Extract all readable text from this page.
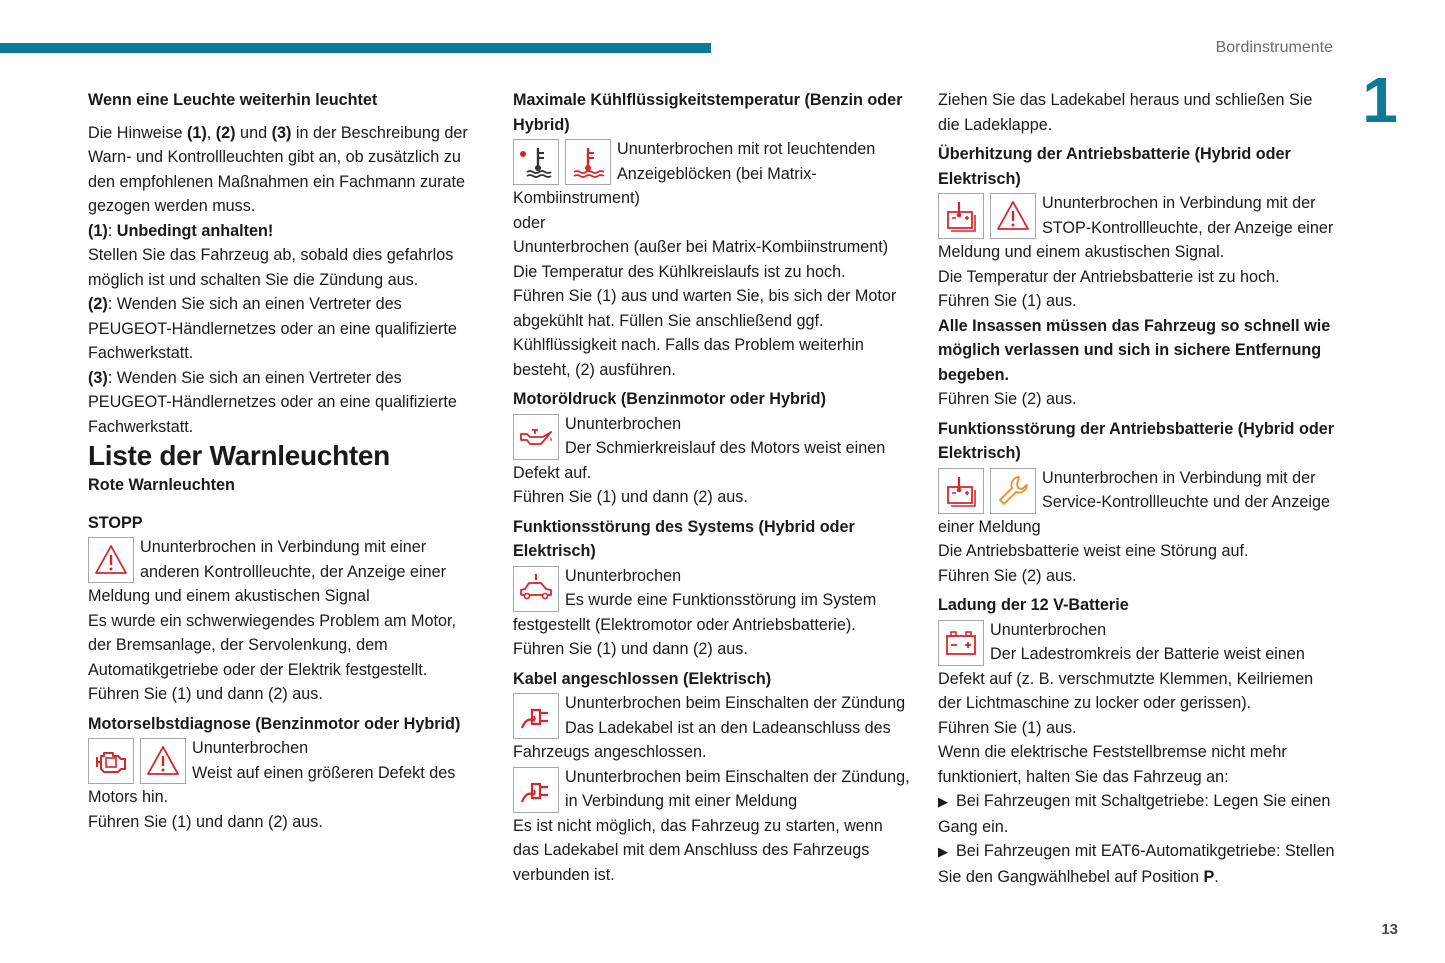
Bordinstrumente
1
13

Wenn eine Leuchte weiterhin leuchtet

Die Hinweise (1), (2) und (3) in der Beschreibung der Warn- und Kontrollleuchten gibt an, ob zusätzlich zu den empfohlenen Maßnahmen ein Fachmann zurate gezogen werden muss.

(1): Unbedingt anhalten!

Stellen Sie das Fahrzeug ab, sobald dies gefahrlos möglich ist und schalten Sie die Zündung aus.

(2): Wenden Sie sich an einen Vertreter des PEUGEOT-Händlernetzes oder an eine qualifizierte Fachwerkstatt.

(3): Wenden Sie sich an einen Vertreter des PEUGEOT-Händlernetzes oder an eine qualifizierte Fachwerkstatt.

Liste der Warnleuchten

Rote Warnleuchten

STOPP

Ununterbrochen in Verbindung mit einer anderen Kontrollleuchte, der Anzeige einer Meldung und einem akustischen Signal

Es wurde ein schwerwiegendes Problem am Motor, der Bremsanlage, der Servolenkung, dem Automatikgetriebe oder der Elektrik festgestellt.

Führen Sie (1) und dann (2) aus.

Motorselbstdiagnose (Benzinmotor oder Hybrid)

Ununterbrochen

Weist auf einen größeren Defekt des Motors hin.

Führen Sie (1) und dann (2) aus.

Maximale Kühlflüssigkeitstemperatur (Benzin oder Hybrid)

Ununterbrochen mit rot leuchtenden Anzeigeblöcken (bei Matrix-Kombiinstrument)

oder

Ununterbrochen (außer bei Matrix-Kombiinstrument)

Die Temperatur des Kühlkreislaufs ist zu hoch.

Führen Sie (1) aus und warten Sie, bis sich der Motor abgekühlt hat. Füllen Sie anschließend ggf. Kühlflüssigkeit nach. Falls das Problem weiterhin besteht, (2) ausführen.

Motoröldruck (Benzinmotor oder Hybrid)

Ununterbrochen

Der Schmierkreislauf des Motors weist einen Defekt auf.

Führen Sie (1) und dann (2) aus.

Funktionsstörung des Systems (Hybrid oder Elektrisch)

Ununterbrochen

Es wurde eine Funktionsstörung im System festgestellt (Elektromotor oder Antriebsbatterie).

Führen Sie (1) und dann (2) aus.

Kabel angeschlossen (Elektrisch)

Ununterbrochen beim Einschalten der Zündung

Das Ladekabel ist an den Ladeanschluss des Fahrzeugs angeschlossen.

Ununterbrochen beim Einschalten der Zündung, in Verbindung mit einer Meldung

Es ist nicht möglich, das Fahrzeug zu starten, wenn das Ladekabel mit dem Anschluss des Fahrzeugs verbunden ist.

Ziehen Sie das Ladekabel heraus und schließen Sie die Ladeklappe.

Überhitzung der Antriebsbatterie (Hybrid oder Elektrisch)

Ununterbrochen in Verbindung mit der STOP-Kontrollleuchte, der Anzeige einer Meldung und einem akustischen Signal.

Die Temperatur der Antriebsbatterie ist zu hoch.

Führen Sie (1) aus.

Alle Insassen müssen das Fahrzeug so schnell wie möglich verlassen und sich in sichere Entfernung begeben.

Führen Sie (2) aus.

Funktionsstörung der Antriebsbatterie (Hybrid oder Elektrisch)

Ununterbrochen in Verbindung mit der Service-Kontrollleuchte und der Anzeige einer Meldung

Die Antriebsbatterie weist eine Störung auf.

Führen Sie (2) aus.

Ladung der 12 V-Batterie

Ununterbrochen

Der Ladestromkreis der Batterie weist einen Defekt auf (z. B. verschmutzte Klemmen, Keilriemen der Lichtmaschine zu locker oder gerissen).

Führen Sie (1) aus.

Wenn die elektrische Feststellbremse nicht mehr funktioniert, halten Sie das Fahrzeug an:

▶ Bei Fahrzeugen mit Schaltgetriebe: Legen Sie einen Gang ein.

▶ Bei Fahrzeugen mit EAT6-Automatikgetriebe: Stellen Sie den Gangwählhebel auf Position P.
